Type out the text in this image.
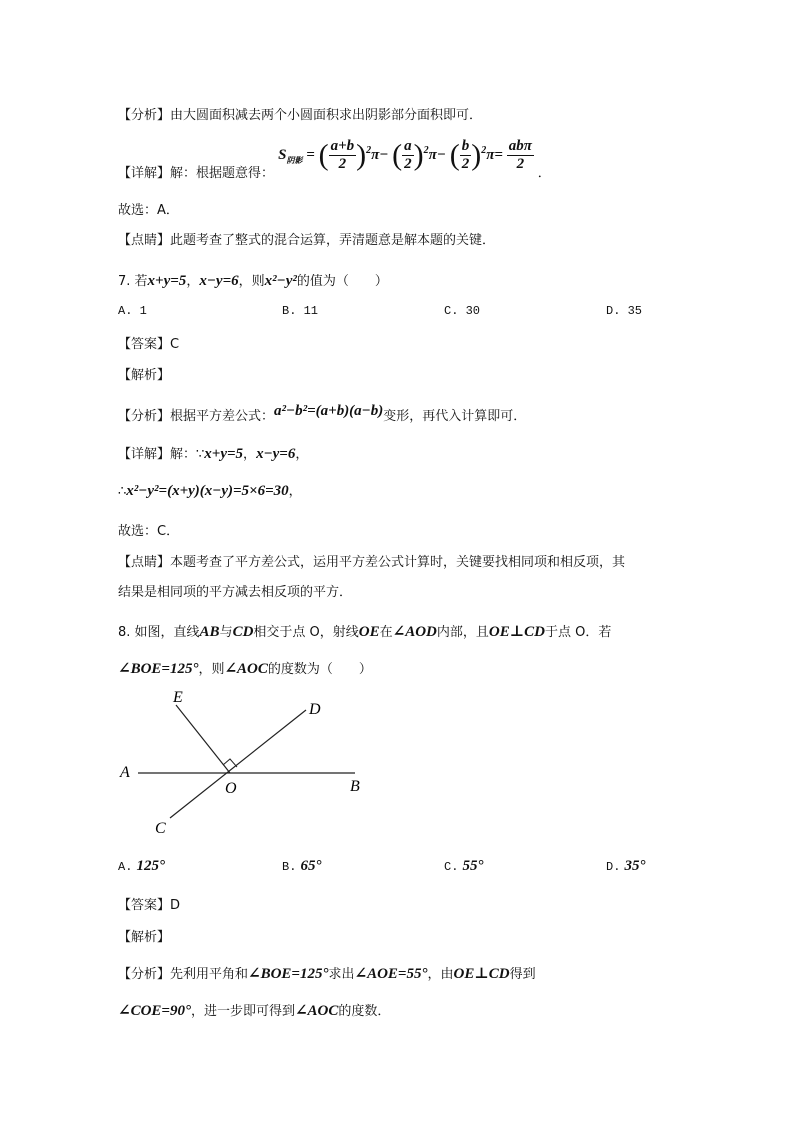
【分析】由大圆面积减去两个小圆面积求出阴影部分面积即可．
【详解】解：根据题意得： $S_{阴影}$ = ( $\frac{a+b}{2} )^2\pi-$ ( $\frac{a}{2} )^2\pi-$ ( $\frac{b}{2} )^2\pi= \frac{\text{abπ}}{2}$
．
故选：A．
【点睛】此题考查了整式的混合运算，弄清题意是解本题的关键．
7. 若x+y=5，x−y=6，则x²−y²的值为（　　）
A. 1	B. 11	C. 30	D. 35
【答案】C
【解析】
【分析】根据平方差公式：a²−b²=(a+b)(a−b)变形，再代入计算即可．
【详解】解：∵x+y=5，x−y=6，
∴x²−y²=(x+y)(x−y)=5×6=30，
故选：C．
【点睛】本题考查了平方差公式，运用平方差公式计算时，关键要找相同项和相反项，其
结果是相同项的平方减去相反项的平方．
8. 如图，直线AB与CD相交于点 O，射线OE在∠AOD内部，且OE⊥CD于点 O．若
∠BOE=125°，则∠AOC的度数为（　　）
A
B
C
D
E
O
A. 125°	B. 65°	C. 55°	D. 35°
【答案】D
【解析】
【分析】先利用平角和∠BOE=125°求出∠AOE=55°，由OE⊥CD得到
∠COE=90°，进一步即可得到∠AOC的度数．
